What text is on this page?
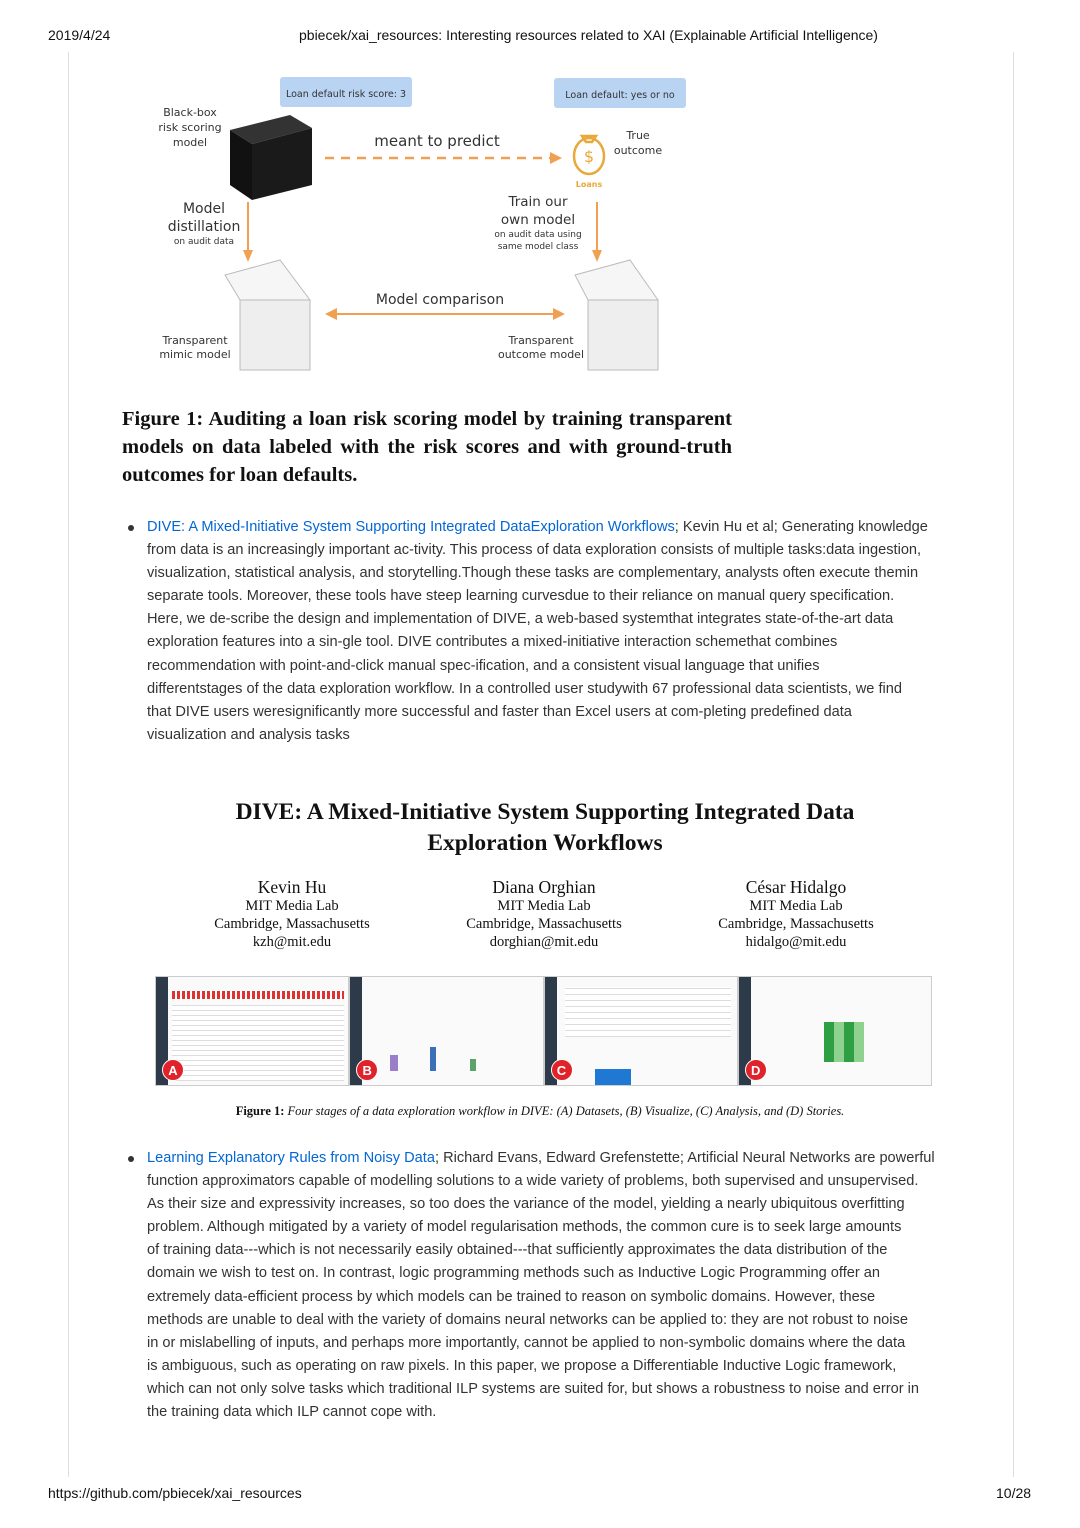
2019/4/24	pbiecek/xai_resources: Interesting resources related to XAI (Explainable Artificial Intelligence)
Loan default risk score: 3	Loan default: yes or no
Black-box
risk scoring
model	meant to predict
$
Loans
True
outcome
Model
distillation
on audit data
Train our
own model
on audit data using
same model class
Model comparison
Transparent
mimic model
Transparent
outcome model
Figure 1: Auditing a loan risk scoring model by training transparent models on data labeled with the risk scores and with ground-truth outcomes for loan defaults.
DIVE: A Mixed-Initiative System Supporting Integrated DataExploration Workflows; Kevin Hu et al; Generating knowledge
from data is an increasingly important ac-tivity. This process of data exploration consists of multiple tasks:data ingestion,
visualization, statistical analysis, and storytelling.Though these tasks are complementary, analysts often execute themin
separate tools. Moreover, these tools have steep learning curvesdue to their reliance on manual query specification.
Here, we de-scribe the design and implementation of DIVE, a web-based systemthat integrates state-of-the-art data
exploration features into a sin-gle tool. DIVE contributes a mixed-initiative interaction schemethat combines
recommendation with point-and-click manual spec-ification, and a consistent visual language that unifies
differentstages of the data exploration workflow. In a controlled user studywith 67 professional data scientists, we find
that DIVE users weresignificantly more successful and faster than Excel users at com-pleting predefined data
visualization and analysis tasks
DIVE: A Mixed-Initiative System Supporting Integrated Data
Exploration Workflows
Kevin Hu
MIT Media Lab
Cambridge, Massachusetts
kzh@mit.edu
Diana Orghian
MIT Media Lab
Cambridge, Massachusetts
dorghian@mit.edu
César Hidalgo
MIT Media Lab
Cambridge, Massachusetts
hidalgo@mit.edu
A	B	C	D
Figure 1: Four stages of a data exploration workflow in DIVE: (A) Datasets, (B) Visualize, (C) Analysis, and (D) Stories.
Learning Explanatory Rules from Noisy Data; Richard Evans, Edward Grefenstette; Artificial Neural Networks are powerful
function approximators capable of modelling solutions to a wide variety of problems, both supervised and unsupervised.
As their size and expressivity increases, so too does the variance of the model, yielding a nearly ubiquitous overfitting
problem. Although mitigated by a variety of model regularisation methods, the common cure is to seek large amounts
of training data---which is not necessarily easily obtained---that sufficiently approximates the data distribution of the
domain we wish to test on. In contrast, logic programming methods such as Inductive Logic Programming offer an
extremely data-efficient process by which models can be trained to reason on symbolic domains. However, these
methods are unable to deal with the variety of domains neural networks can be applied to: they are not robust to noise
in or mislabelling of inputs, and perhaps more importantly, cannot be applied to non-symbolic domains where the data
is ambiguous, such as operating on raw pixels. In this paper, we propose a Differentiable Inductive Logic framework,
which can not only solve tasks which traditional ILP systems are suited for, but shows a robustness to noise and error in
the training data which ILP cannot cope with.
https://github.com/pbiecek/xai_resources	10/28
